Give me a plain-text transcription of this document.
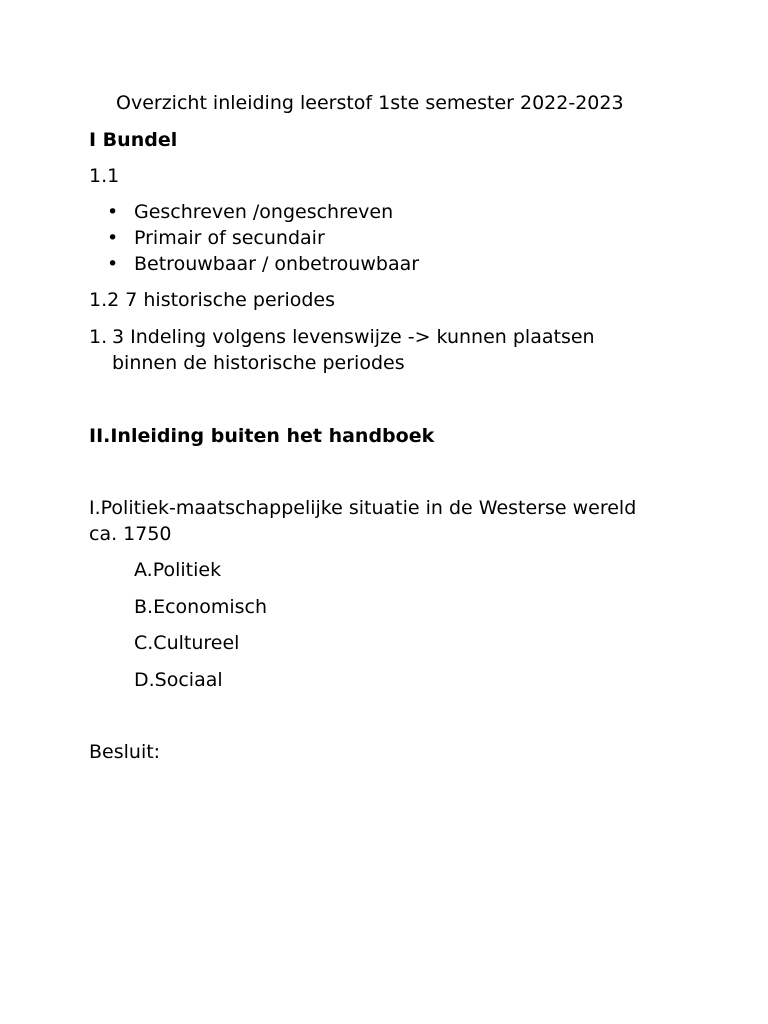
Overzicht inleiding leerstof 1ste semester 2022-2023
I Bundel
1.1
• Geschreven /ongeschreven
• Primair of secundair
• Betrouwbaar / onbetrouwbaar
1.2 7 historische periodes
1. 3 Indeling volgens levenswijze -> kunnen plaatsen binnen de historische periodes
II.Inleiding buiten het handboek
I.Politiek-maatschappelijke situatie in de Westerse wereld
ca. 1750
A.Politiek
B.Economisch
C.Cultureel
D.Sociaal
Besluit:
